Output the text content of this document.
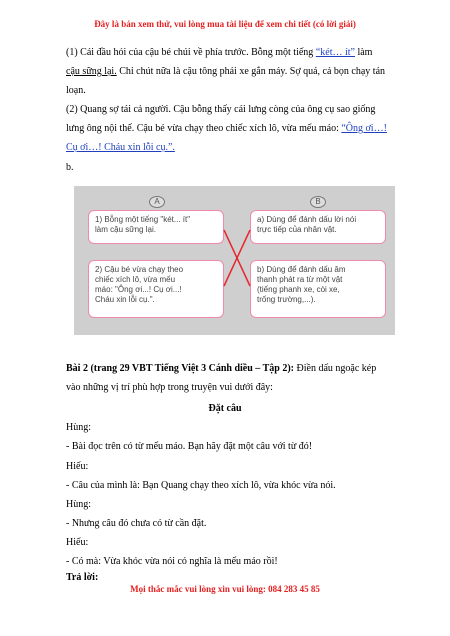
Đây là bản xem thử, vui lòng mua tài liệu để xem chi tiết (có lời giải)
(1) Cái đầu hói của cậu bé chúi về phía trước. Bỗng một tiếng “két… ít” làm
cậu sững lại. Chỉ chút nữa là cậu tông phải xe gắn máy. Sợ quá, cả bọn chạy tán
loạn.
(2) Quang sợ tái cả người. Cậu bỗng thấy cái lưng còng của ông cụ sao giống
lưng ông nội thế. Cậu bé vừa chạy theo chiếc xích lô, vừa mếu máo: “Ông ơi…!
Cụ ơi…! Cháu xin lỗi cụ.”.
b.
A	B
1) Bỗng một tiếng "két... ít"
làm cậu sững lại.
2) Cậu bé vừa chạy theo
chiếc xích lô, vừa mếu
máo: "Ông ơi...! Cụ ơi...!
Cháu xin lỗi cụ.".
a) Dùng để đánh dấu lời nói
trực tiếp của nhân vật.
b) Dùng để đánh dấu âm
thanh phát ra từ một vật
(tiếng phanh xe, còi xe,
trống trường,...).
Bài 2 (trang 29 VBT Tiếng Việt 3 Cánh diều – Tập 2): Điền dấu ngoặc kép
vào những vị trí phù hợp trong truyện vui dưới đây:
Đặt câu
Hùng:
- Bài đọc trên có từ mếu máo. Bạn hãy đặt một câu với từ đó!
Hiếu:
- Câu của mình là: Bạn Quang chạy theo xích lô, vừa khóc vừa nói.
Hùng:
- Nhưng câu đó chưa có từ cần đặt.
Hiếu:
- Có mà: Vừa khóc vừa nói có nghĩa là mếu máo rồi!
Trả lời:
Mọi thắc mắc vui lòng xin vui lòng: 084 283 45 85
